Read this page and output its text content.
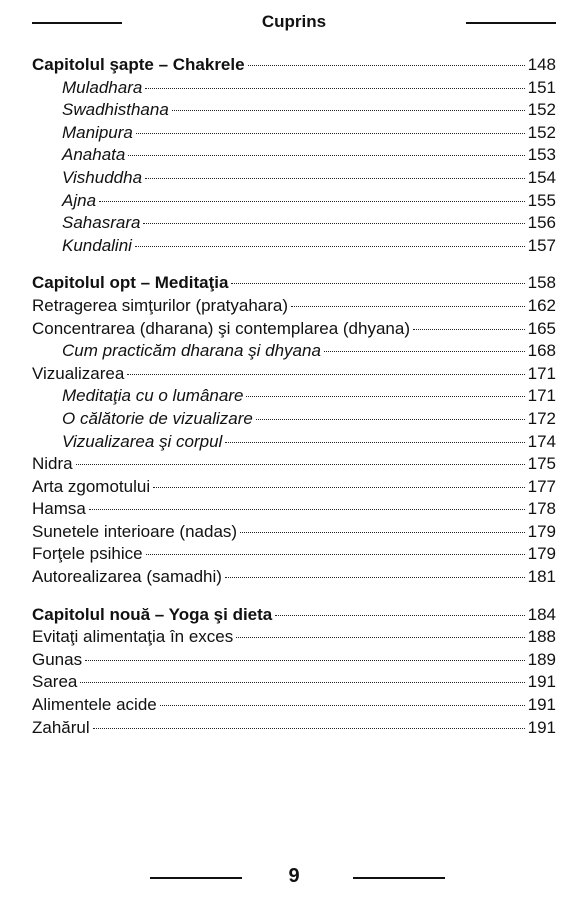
Cuprins
Capitolul şapte – Chakrele	148
Muladhara	151
Swadhisthana	152
Manipura	152
Anahata	153
Vishuddha	154
Ajna	155
Sahasrara	156
Kundalini	157
Capitolul opt – Meditaţia	158
Retragerea simţurilor (pratyahara)	162
Concentrarea (dharana) şi contemplarea (dhyana)	165
Cum practicăm dharana şi dhyana	168
Vizualizarea	171
Meditaţia cu o lumânare	171
O călătorie de vizualizare	172
Vizualizarea şi corpul	174
Nidra	175
Arta zgomotului	177
Hamsa	178
Sunetele interioare (nadas)	179
Forţele psihice	179
Autorealizarea (samadhi)	181
Capitolul nouă – Yoga şi dieta	184
Evitaţi alimentaţia în exces	188
Gunas	189
Sarea	191
Alimentele acide	191
Zahărul	191
9
